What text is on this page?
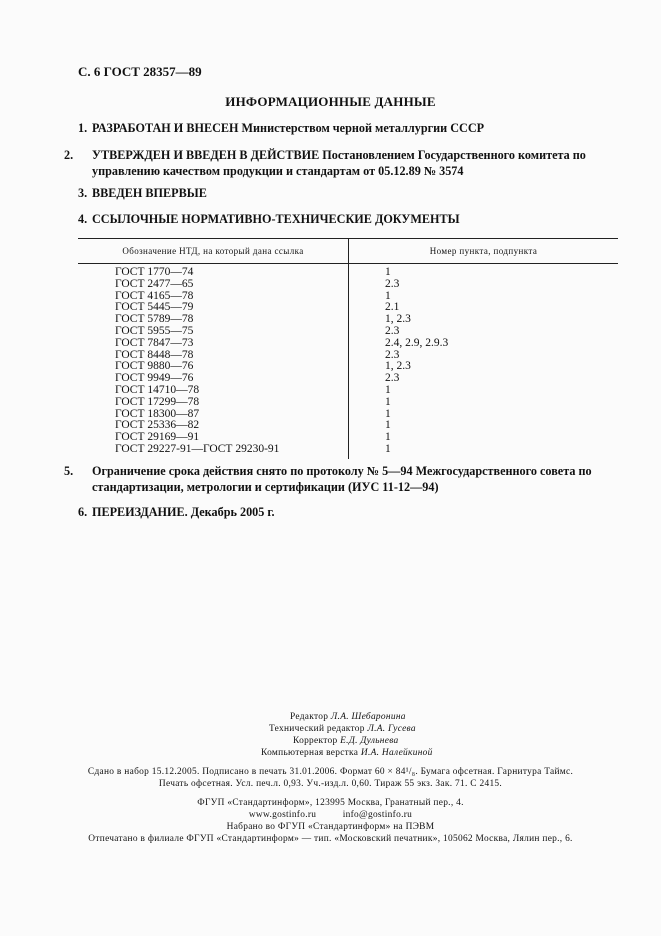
С. 6 ГОСТ 28357—89
ИНФОРМАЦИОННЫЕ ДАННЫЕ
1. РАЗРАБОТАН И ВНЕСЕН Министерством черной металлургии СССР
2. УТВЕРЖДЕН И ВВЕДЕН В ДЕЙСТВИЕ Постановлением Государственного комитета по управлению качеством продукции и стандартам от 05.12.89 № 3574
3. ВВЕДЕН ВПЕРВЫЕ
4. ССЫЛОЧНЫЕ НОРМАТИВНО-ТЕХНИЧЕСКИЕ ДОКУМЕНТЫ
Обозначение НТД, на который дана ссылка	Номер пункта, подпункта
ГОСТ 1770—74	1
ГОСТ 2477—65	2.3
ГОСТ 4165—78	1
ГОСТ 5445—79	2.1
ГОСТ 5789—78	1, 2.3
ГОСТ 5955—75	2.3
ГОСТ 7847—73	2.4, 2.9, 2.9.3
ГОСТ 8448—78	2.3
ГОСТ 9880—76	1, 2.3
ГОСТ 9949—76	2.3
ГОСТ 14710—78	1
ГОСТ 17299—78	1
ГОСТ 18300—87	1
ГОСТ 25336—82	1
ГОСТ 29169—91	1
ГОСТ 29227-91—ГОСТ 29230-91	1
5. Ограничение срока действия снято по протоколу № 5—94 Межгосударственного совета по стандартизации, метрологии и сертификации (ИУС 11-12—94)
6. ПЕРЕИЗДАНИЕ. Декабрь 2005 г.
Редактор Л.А. Шебаронина
Технический редактор Л.А. Гусева
Корректор Е.Д. Дульнева
Компьютерная верстка И.А. Налейкиной
Сдано в набор 15.12.2005. Подписано в печать 31.01.2006. Формат 60 × 84¹/₈. Бумага офсетная. Гарнитура Таймс.
Печать офсетная. Усл. печ.л. 0,93. Уч.-изд.л. 0,60. Тираж 55 экз. Зак. 71. С 2415.
ФГУП «Стандартинформ», 123995 Москва, Гранатный пер., 4.
www.gostinfo.ru	info@gostinfo.ru
Набрано во ФГУП «Стандартинформ» на ПЭВМ
Отпечатано в филиале ФГУП «Стандартинформ» — тип. «Московский печатник», 105062 Москва, Лялин пер., 6.
